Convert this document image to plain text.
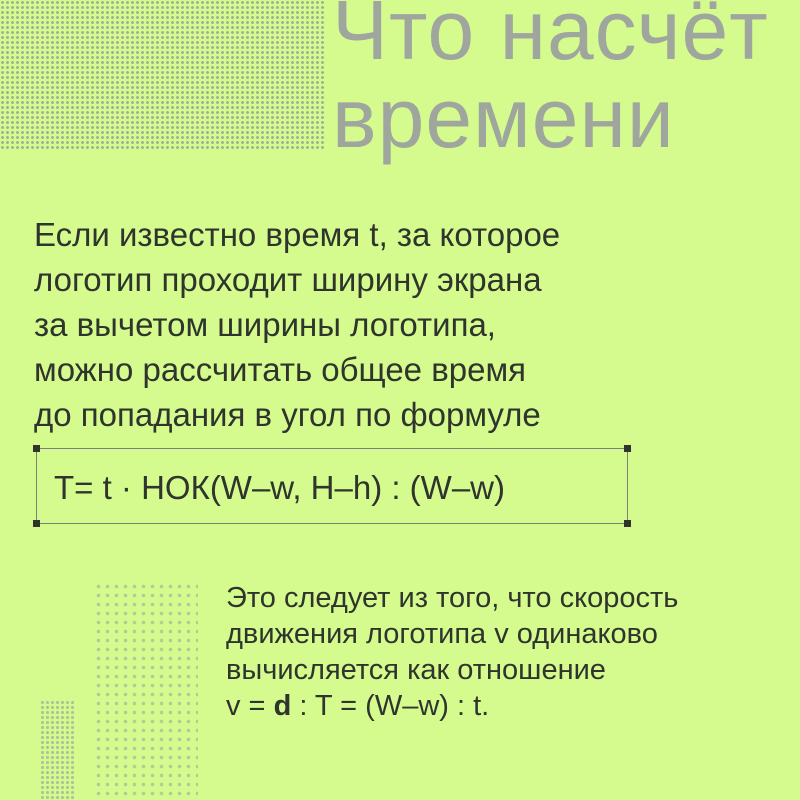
Что насчёт
времени
Если известно время t, за которое
логотип проходит ширину экрана
за вычетом ширины логотипа,
можно рассчитать общее время
до попадания в угол по формуле
T= t · НОК(W–w, H–h) : (W–w)
Это следует из того, что скорость
движения логотипа v одинаково
вычисляется как отношение
v = d : T = (W–w) : t.
